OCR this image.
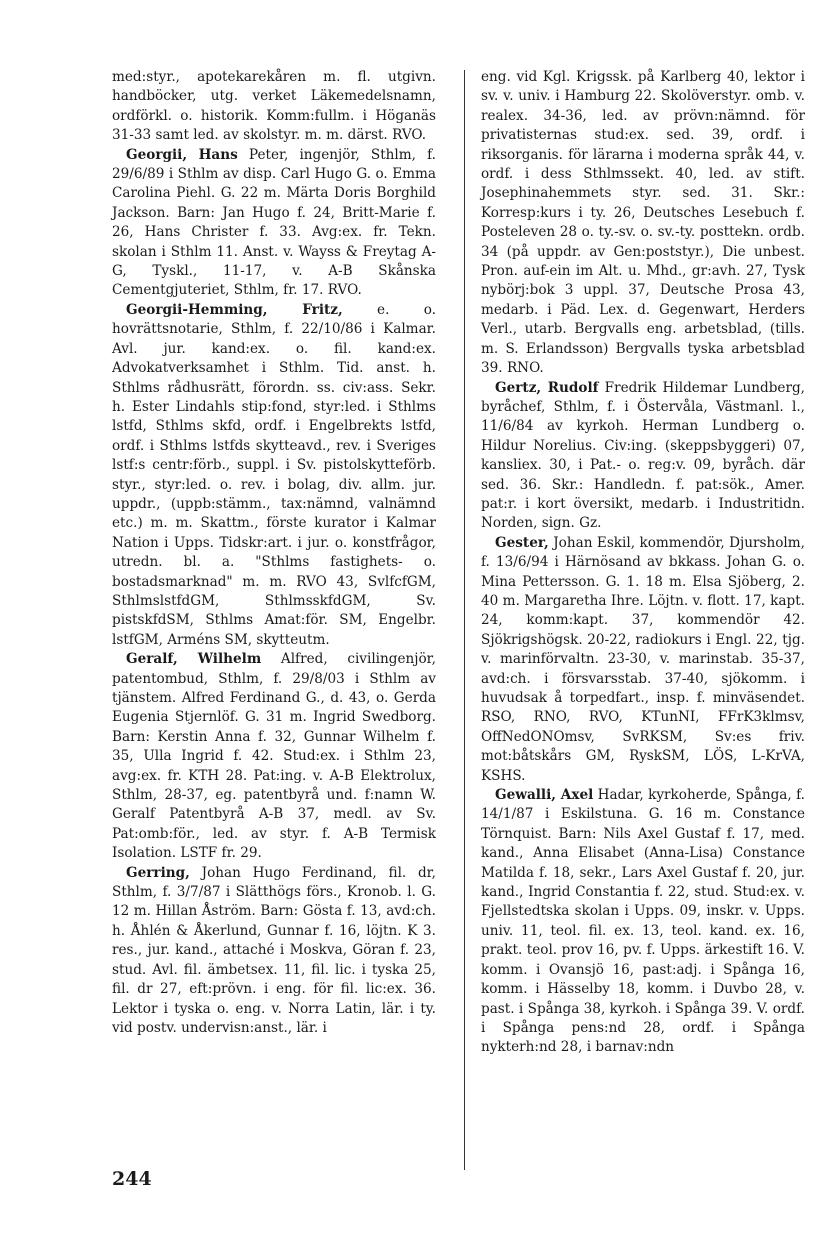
med:styr., apotekarekåren m. fl. utgivn. handböcker, utg. verket Läkemedelsnamn, ordförkl. o. historik. Komm:fullm. i Höganäs 31-33 samt led. av skolstyr. m. m. därst. RVO.

Georgii, Hans Peter, ingenjör, Sthlm, f. 29/6/89 i Sthlm av disp. Carl Hugo G. o. Emma Carolina Piehl. G. 22 m. Märta Doris Borghild Jackson. Barn: Jan Hugo f. 24, Britt-Marie f. 26, Hans Christer f. 33. Avg:ex. fr. Tekn. skolan i Sthlm 11. Anst. v. Wayss & Freytag A-G, Tyskl., 11-17, v. A-B Skånska Cementgjuteriet, Sthlm, fr. 17. RVO.

Georgii-Hemming, Fritz, e. o. hovrättsnotarie, Sthlm, f. 22/10/86 i Kalmar. Avl. jur. kand:ex. o. fil. kand:ex. Advokatverksamhet i Sthlm. Tid. anst. h. Sthlms rådhusrätt, förordn. ss. civ:ass. Sekr. h. Ester Lindahls stip:fond, styr:led. i Sthlms lstfd, Sthlms skfd, ordf. i Engelbrekts lstfd, ordf. i Sthlms lstfds skytteavd., rev. i Sveriges lstf:s centr:förb., suppl. i Sv. pistolskytteförb. styr., styr:led. o. rev. i bolag, div. allm. jur. uppdr., (uppb:stämm., tax:nämnd, valnämnd etc.) m. m. Skattm., förste kurator i Kalmar Nation i Upps. Tidskr:art. i jur. o. konstfrågor, utredn. bl. a. "Sthlms fastighets- o. bostadsmarknad" m. m. RVO 43, SvlfcfGM, SthlmslstfdGM, SthlmsskfdGM, Sv. pistskfdSM, Sthlms Amat:för. SM, Engelbr. lstfGM, Arméns SM, skytteutm.

Geralf, Wilhelm Alfred, civilingenjör, patentombud, Sthlm, f. 29/8/03 i Sthlm av tjänstem. Alfred Ferdinand G., d. 43, o. Gerda Eugenia Stjernlöf. G. 31 m. Ingrid Swedborg. Barn: Kerstin Anna f. 32, Gunnar Wilhelm f. 35, Ulla Ingrid f. 42. Stud:ex. i Sthlm 23, avg:ex. fr. KTH 28. Pat:ing. v. A-B Elektrolux, Sthlm, 28-37, eg. patentbyrå und. f:namn W. Geralf Patentbyrå A-B 37, medl. av Sv. Pat:omb:för., led. av styr. f. A-B Termisk Isolation. LSTF fr. 29.

Gerring, Johan Hugo Ferdinand, fil. dr, Sthlm, f. 3/7/87 i Slätthögs förs., Kronob. l. G. 12 m. Hillan Åström. Barn: Gösta f. 13, avd:ch. h. Åhlén & Åkerlund, Gunnar f. 16, löjtn. K 3. res., jur. kand., attaché i Moskva, Göran f. 23, stud. Avl. fil. ämbetsex. 11, fil. lic. i tyska 25, fil. dr 27, eft:prövn. i eng. för fil. lic:ex. 36. Lektor i tyska o. eng. v. Norra Latin, lär. i ty. vid postv. undervisn:anst., lär. i

eng. vid Kgl. Krigssk. på Karlberg 40, lektor i sv. v. univ. i Hamburg 22. Skolöverstyr. omb. v. realex. 34-36, led. av prövn:nämnd. för privatisternas stud:ex. sed. 39, ordf. i riksorganis. för lärarna i moderna språk 44, v. ordf. i dess Sthlmssekt. 40, led. av stift. Josephinahemmets styr. sed. 31. Skr.: Korresp:kurs i ty. 26, Deutsches Lesebuch f. Posteleven 28 o. ty.-sv. o. sv.-ty. posttekn. ordb. 34 (på uppdr. av Gen:poststyr.), Die unbest. Pron. auf-ein im Alt. u. Mhd., gr:avh. 27, Tysk nybörj:bok 3 uppl. 37, Deutsche Prosa 43, medarb. i Päd. Lex. d. Gegenwart, Herders Verl., utarb. Bergvalls eng. arbetsblad, (tills. m. S. Erlandsson) Bergvalls tyska arbetsblad 39. RNO.

Gertz, Rudolf Fredrik Hildemar Lundberg, byråchef, Sthlm, f. i Östervåla, Västmanl. l., 11/6/84 av kyrkoh. Herman Lundberg o. Hildur Norelius. Civ:ing. (skeppsbyggeri) 07, kansliex. 30, i Pat.- o. reg:v. 09, byråch. där sed. 36. Skr.: Handledn. f. pat:sök., Amer. pat:r. i kort översikt, medarb. i Industritidn. Norden, sign. Gz.

Gester, Johan Eskil, kommendör, Djursholm, f. 13/6/94 i Härnösand av bkkass. Johan G. o. Mina Pettersson. G. 1. 18 m. Elsa Sjöberg, 2. 40 m. Margaretha Ihre. Löjtn. v. flott. 17, kapt. 24, komm:kapt. 37, kommendör 42. Sjökrigshögsk. 20-22, radiokurs i Engl. 22, tjg. v. marinförvaltn. 23-30, v. marinstab. 35-37, avd:ch. i försvarsstab. 37-40, sjökomm. i huvudsak å torpedfart., insp. f. minväsendet. RSO, RNO, RVO, KTunNI, FFrK3klmsv, OffNedONOmsv, SvRKSM, Sv:es friv. mot:båtskårs GM, RyskSM, LÖS, L-KrVA, KSHS.

Gewalli, Axel Hadar, kyrkoherde, Spånga, f. 14/1/87 i Eskilstuna. G. 16 m. Constance Törnquist. Barn: Nils Axel Gustaf f. 17, med. kand., Anna Elisabet (Anna-Lisa) Constance Matilda f. 18, sekr., Lars Axel Gustaf f. 20, jur. kand., Ingrid Constantia f. 22, stud. Stud:ex. v. Fjellstedtska skolan i Upps. 09, inskr. v. Upps. univ. 11, teol. fil. ex. 13, teol. kand. ex. 16, prakt. teol. prov 16, pv. f. Upps. ärkestift 16. V. komm. i Ovansjö 16, past:adj. i Spånga 16, komm. i Hässelby 18, komm. i Duvbo 28, v. past. i Spånga 38, kyrkoh. i Spånga 39. V. ordf. i Spånga pens:nd 28, ordf. i Spånga nykterh:nd 28, i barnav:ndn

244
